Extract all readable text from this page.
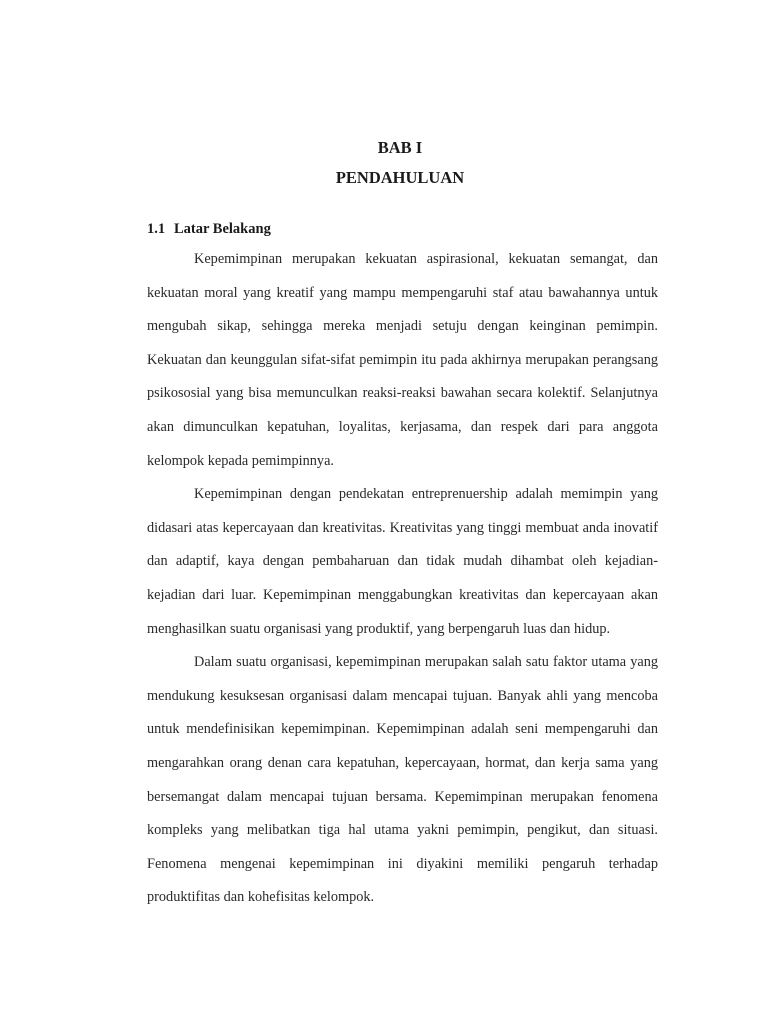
BAB I
PENDAHULUAN
1.1 Latar Belakang

Kepemimpinan merupakan kekuatan aspirasional, kekuatan semangat, dan kekuatan moral yang kreatif yang mampu mempengaruhi staf atau bawahannya untuk mengubah sikap, sehingga mereka menjadi setuju dengan keinginan pemimpin. Kekuatan dan keunggulan sifat-sifat pemimpin itu pada akhirnya merupakan perangsang psikososial yang bisa memunculkan reaksi-reaksi bawahan secara kolektif. Selanjutnya akan dimunculkan kepatuhan, loyalitas, kerjasama, dan respek dari para anggota kelompok kepada pemimpinnya.

Kepemimpinan dengan pendekatan entreprenuership adalah memimpin yang didasari atas kepercayaan dan kreativitas. Kreativitas yang tinggi membuat anda inovatif dan adaptif, kaya dengan pembaharuan dan tidak mudah dihambat oleh kejadian-kejadian dari luar. Kepemimpinan menggabungkan kreativitas dan kepercayaan akan menghasilkan suatu organisasi yang produktif, yang berpengaruh luas dan hidup.

Dalam suatu organisasi, kepemimpinan merupakan salah satu faktor utama yang mendukung kesuksesan organisasi dalam mencapai tujuan. Banyak ahli yang mencoba untuk mendefinisikan kepemimpinan. Kepemimpinan adalah seni mempengaruhi dan mengarahkan orang denan cara kepatuhan, kepercayaan, hormat, dan kerja sama yang bersemangat dalam mencapai tujuan bersama. Kepemimpinan merupakan fenomena kompleks yang melibatkan tiga hal utama yakni pemimpin, pengikut, dan situasi. Fenomena mengenai kepemimpinan ini diyakini memiliki pengaruh terhadap produktifitas dan kohefisitas kelompok.
